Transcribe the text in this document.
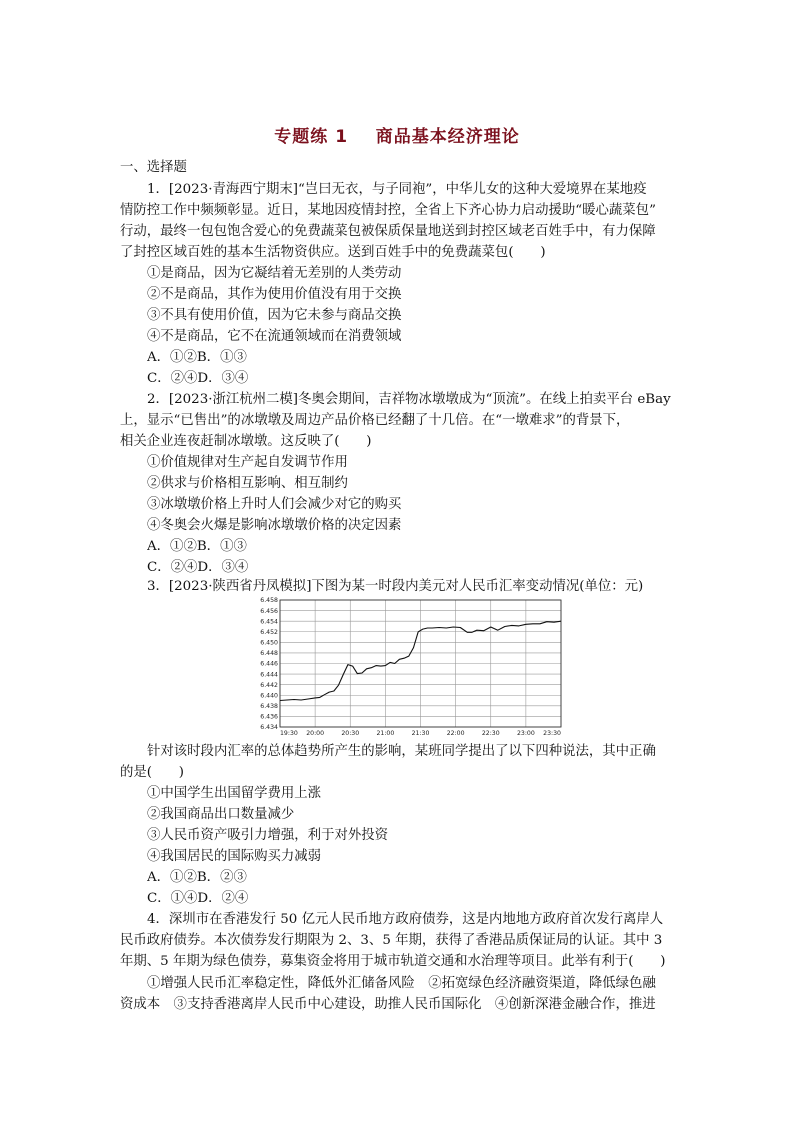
专题练 1    商品基本经济理论
一、选择题
1．[2023·青海西宁期末]“岂曰无衣，与子同袍”，中华儿女的这种大爱境界在某地疫
情防控工作中频频彰显。近日，某地因疫情封控，全省上下齐心协力启动援助“暖心蔬菜包”
行动，最终一包包饱含爱心的免费蔬菜包被保质保量地送到封控区域老百姓手中，有力保障
了封控区域百姓的基本生活物资供应。送到百姓手中的免费蔬菜包(　　)
①是商品，因为它凝结着无差别的人类劳动
②不是商品，其作为使用价值没有用于交换
③不具有使用价值，因为它未参与商品交换
④不是商品，它不在流通领域而在消费领域
A．①②B．①③
C．②④D．③④
2．[2023·浙江杭州二模]冬奥会期间，吉祥物冰墩墩成为“顶流”。在线上拍卖平台 eBay
上，显示“已售出”的冰墩墩及周边产品价格已经翻了十几倍。在“一墩难求”的背景下，
相关企业连夜赶制冰墩墩。这反映了(　　)
①价值规律对生产起自发调节作用
②供求与价格相互影响、相互制约
③冰墩墩价格上升时人们会减少对它的购买
④冬奥会火爆是影响冰墩墩价格的决定因素
A．①②B．①③
C．②④D．③④
3．[2023·陕西省丹凤模拟]下图为某一时段内美元对人民币汇率变动情况(单位：元)
6.434
6.436
6.438
6.440
6.442
6.444
6.446
6.448
6.450
6.452
6.454
6.456
6.458
19:30 20:00	20:30	21:00	21:30	22:00	22:30	23:00 23:30
针对该时段内汇率的总体趋势所产生的影响，某班同学提出了以下四种说法，其中正确
的是(　　)
①中国学生出国留学费用上涨
②我国商品出口数量减少
③人民币资产吸引力增强，利于对外投资
④我国居民的国际购买力减弱
A．①②B．②③
C．①④D．②④
4．深圳市在香港发行 50 亿元人民币地方政府债券，这是内地地方政府首次发行离岸人
民币政府债券。本次债券发行期限为 2、3、5 年期，获得了香港品质保证局的认证。其中 3
年期、5 年期为绿色债券，募集资金将用于城市轨道交通和水治理等项目。此举有利于(　　)
①增强人民币汇率稳定性，降低外汇储备风险　②拓宽绿色经济融资渠道，降低绿色融
资成本　③支持香港离岸人民币中心建设，助推人民币国际化　④创新深港金融合作，推进
